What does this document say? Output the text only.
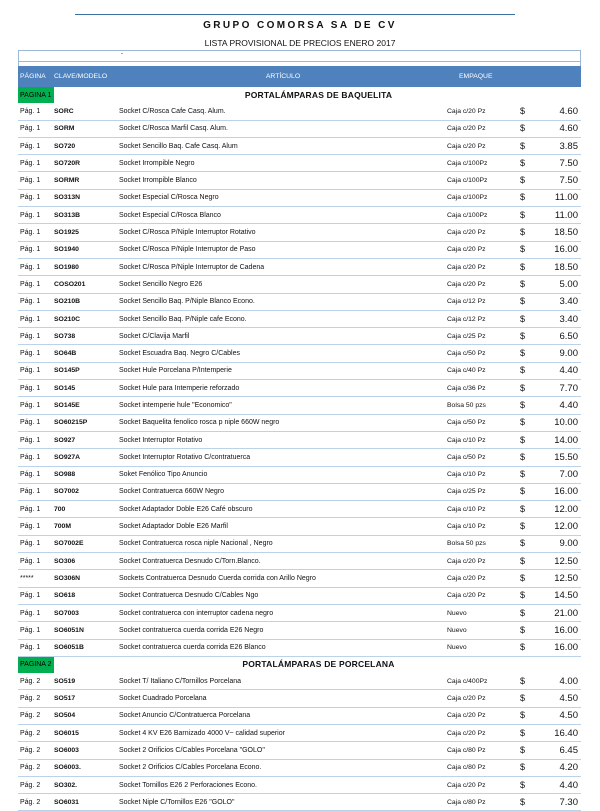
GRUPO COMORSA SA DE CV
LISTA PROVISIONAL DE PRECIOS ENERO 2017
-
PÁGINA	CLAVE/MODELO	ARTÍCULO	EMPAQUE		
PAGINA 1		PORTALÁMPARAS DE BAQUELITA			
Pág. 1	SORC	Socket C/Rosca Cafe Casq. Alum.	Caja c/20 Pz	$	4.60
Pág. 1	SORM	Socket C/Rosca Marfil Casq. Alum.	Caja c/20 Pz	$	4.60
Pág. 1	SO720	Socket Sencillo Baq. Cafe Casq. Alum	Caja c/20 Pz	$	3.85
Pág. 1	SO720R	Socket Irrompible Negro	Caja c/100Pz	$	7.50
Pág. 1	SORMR	Socket Irrompible Blanco	Caja c/100Pz	$	7.50
Pág. 1	SO313N	Socket Especial C/Rosca Negro	Caja c/100Pz	$	11.00
Pág. 1	SO313B	Socket Especial C/Rosca Blanco	Caja c/100Pz	$	11.00
Pág. 1	SO1925	Socket C/Rosca P/Niple Interruptor Rotativo	Caja c/20 Pz	$	18.50
Pág. 1	SO1940	Socket C/Rosca P/Niple Interruptor de Paso	Caja c/20 Pz	$	16.00
Pág. 1	SO1980	Socket C/Rosca P/Niple Interruptor de Cadena	Caja c/20 Pz	$	18.50
Pág. 1	COSO201	Socket Sencillo Negro E26	Caja c/20 Pz	$	5.00
Pág. 1	SO210B	Socket Sencillo Baq. P/Niple Blanco Econo.	Caja c/12 Pz	$	3.40
Pág. 1	SO210C	Socket Sencillo Baq. P/Niple cafe Econo.	Caja c/12 Pz	$	3.40
Pág. 1	SO738	Socket C/Clavija Marfil	Caja c/25 Pz	$	6.50
Pág. 1	SO64B	Socket Escuadra Baq. Negro C/Cables	Caja c/50 Pz	$	9.00
Pág. 1	SO145P	Socket Hule Porcelana P/Intemperie	Caja c/40 Pz	$	4.40
Pág. 1	SO145	Socket Hule para Intemperie reforzado	Caja c/36 Pz	$	7.70
Pág. 1	SO145E	Socket intemperie hule "Economico"	Bolsa 50 pzs	$	4.40
Pág. 1	SO60215P	Socket Baquelita fenolico rosca p niple 660W negro	Caja c/50 Pz	$	10.00
Pág. 1	SO927	Socket Interruptor Rotativo	Caja c/10 Pz	$	14.00
Pág. 1	SO927A	Socket Interruptor Rotativo C/contratuerca	Caja c/50 Pz	$	15.50
Pág. 1	SO988	Soket Fenólico Tipo Anuncio	Caja c/10 Pz	$	7.00
Pág. 1	SO7002	Socket Contratuerca 660W Negro	Caja c/25 Pz	$	16.00
Pág. 1	700	Socket Adaptador Doble E26 Café obscuro	Caja c/10 Pz	$	12.00
Pág. 1	700M	Socket Adaptador Doble E26 Marfil	Caja c/10 Pz	$	12.00
Pág. 1	SO7002E	Socket Contratuerca rosca niple Nacional , Negro	Bolsa 50 pzs	$	9.00
Pág. 1	SO306	Socket Contratuerca Desnudo C/Torn.Blanco.	Caja c/20 Pz	$	12.50
*****	SO306N	Sockets Contratuerca Desnudo Cuerda corrida con Arillo Negro	Caja c/20 Pz	$	12.50
Pág. 1	SO618	Socket Contratuerca Desnudo C/Cables Ngo	Caja c/20 Pz	$	14.50
Pág. 1	SO7003	Socket contratuerca con interruptor cadena negro	Nuevo	$	21.00
Pág. 1	SO6051N	Socket contratuerca cuerda corrida E26 Negro	Nuevo	$	16.00
Pág. 1	SO6051B	Socket contratuerca cuerda corrida E26 Blanco	Nuevo	$	16.00
PAGINA 2		PORTALÁMPARAS DE PORCELANA			
Pág. 2	SO519	Socket T/ Italiano C/Tornillos Porcelana	Caja c/400Pz	$	4.00
Pág. 2	SO517	Socket Cuadrado Porcelana	Caja c/20 Pz	$	4.50
Pág. 2	SO504	Socket Anuncio C/Contratuerca Porcelana	Caja c/20 Pz	$	4.50
Pág. 2	SO6015	Socket 4 KV E26 Barnizado 4000 V~ calidad superior	Caja c/20 Pz	$	16.40
Pág. 2	SO6003	Socket 2 Orificios C/Cables Porcelana "GOLO"	Caja c/80 Pz	$	6.45
Pág. 2	SO6003.	Socket 2 Orificios C/Cables Porcelana Econo.	Caja c/80 Pz	$	4.20
Pág. 2	SO302.	Socket Tornillos E26 2 Perforaciones Econo.	Caja c/20 Pz	$	4.40
Pág. 2	SO6031	Socket Niple C/Tornillos E26 "GOLO"	Caja c/80 Pz	$	7.30
